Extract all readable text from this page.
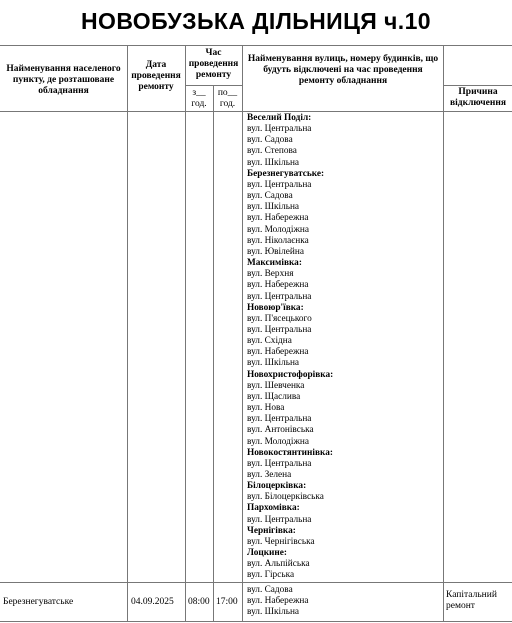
НОВОБУЗЬКА ДІЛЬНИЦЯ ч.10
Найменування населеного пункту, де розташоване обладнання
Дата проведення ремонту
Час проведення ремонту
з__ год.
по__ год.
Найменування вулиць, номеру будинків, що будуть відключені на час проведення ремонту обладнання
Причина відключення
Веселий Поділ:
вул. Центральна
вул. Садова
вул. Степова
вул. Шкільна
Березнегуватське:
вул. Центральна
вул. Садова
вул. Шкільна
вул. Набережна
вул. Молодіжна
вул. Ніколаєнка
вул. Ювілейна
Максимівка:
вул. Верхня
вул. Набережна
вул. Центральна
Новоюр'ївка:
вул. П'ясецького
вул. Центральна
вул. Східна
вул. Набережна
вул. Шкільна
Новохристофорівка:
вул. Шевченка
вул. Щаслива
вул. Нова
вул. Центральна
вул. Антонівська
вул. Молодіжна
Новокостянтинівка:
вул. Центральна
вул. Зелена
Білоцерківка:
вул. Білоцерківська
Пархомівка:
вул. Центральна
Чернігівка:
вул. Чернігівська
Лоцкине:
вул. Альпійська
вул. Гірська
Березнегуватське	04.09.2025 08:00 17:00
вул. Садова
вул. Набережна
вул. Шкільна
Капітальний ремонт
